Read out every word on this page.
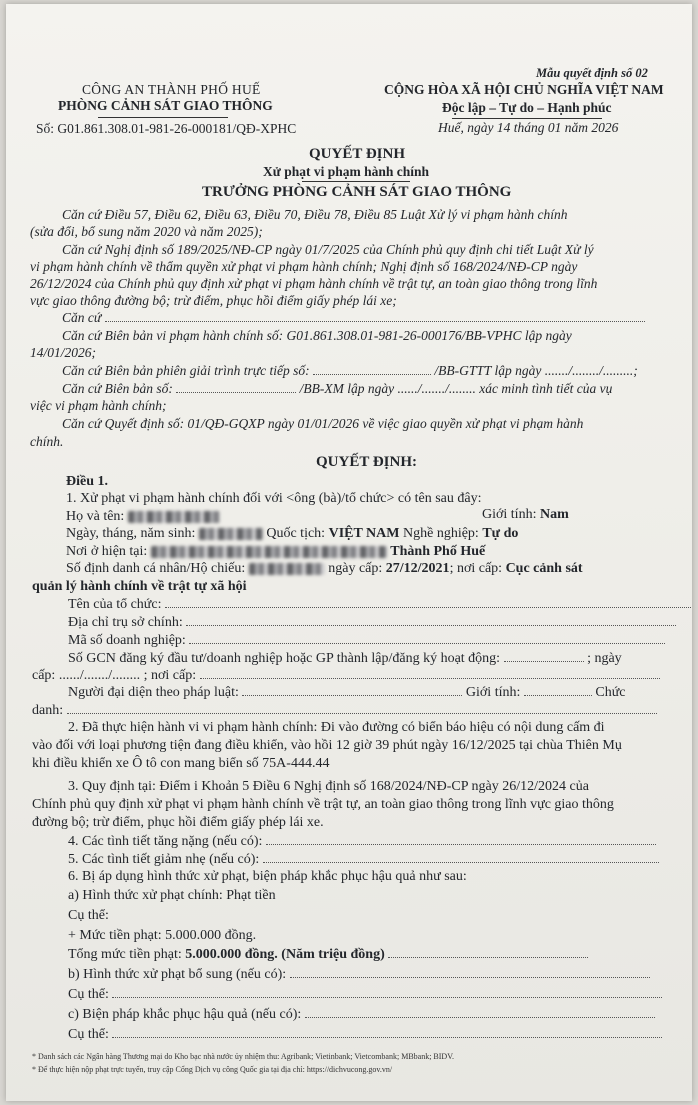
Mẫu quyết định số 02
CÔNG AN THÀNH PHỐ HUẾ
PHÒNG CẢNH SÁT GIAO THÔNG
Số: G01.861.308.01-981-26-000181/QĐ-XPHC
CỘNG HÒA XÃ HỘI CHỦ NGHĨA VIỆT NAM
Độc lập – Tự do – Hạnh phúc
Huế, ngày 14 tháng 01 năm 2026
QUYẾT ĐỊNH
Xử phạt vi phạm hành chính
TRƯỞNG PHÒNG CẢNH SÁT GIAO THÔNG
Căn cứ Điều 57, Điều 62, Điều 63, Điều 70, Điều 78, Điều 85 Luật Xử lý vi phạm hành chính
(sửa đổi, bổ sung năm 2020 và năm 2025);
Căn cứ Nghị định số 189/2025/NĐ-CP ngày 01/7/2025 của Chính phủ quy định chi tiết Luật Xử lý
vi phạm hành chính về thẩm quyền xử phạt vi phạm hành chính; Nghị định số 168/2024/NĐ-CP ngày
26/12/2024 của Chính phủ quy định xử phạt vi phạm hành chính về trật tự, an toàn giao thông trong lĩnh
vực giao thông đường bộ; trừ điểm, phục hồi điểm giấy phép lái xe;
Căn cứ
Căn cứ Biên bản vi phạm hành chính số: G01.861.308.01-981-26-000176/BB-VPHC lập ngày
14/01/2026;
Căn cứ Biên bản phiên giải trình trực tiếp số:	/BB-GTTT lập ngày ......./......../.........;
Căn cứ Biên bản số:	/BB-XM lập ngày ....../......./........ xác minh tình tiết của vụ
việc vi phạm hành chính;
Căn cứ Quyết định số: 01/QĐ-GQXP ngày 01/01/2026 về việc giao quyền xử phạt vi phạm hành
chính.
QUYẾT ĐỊNH:
Điều 1.
1. Xử phạt vi phạm hành chính đối với <ông (bà)/tổ chức> có tên sau đây:
Họ và tên:	Giới tính: Nam
Ngày, tháng, năm sinh:	Quốc tịch: VIỆT NAM Nghề nghiệp: Tự do
Nơi ở hiện tại:	Thành Phố Huế
Số định danh cá nhân/Hộ chiếu:	ngày cấp: 27/12/2021; nơi cấp: Cục cảnh sát
quản lý hành chính về trật tự xã hội
Tên của tổ chức:
Địa chỉ trụ sở chính:
Mã số doanh nghiệp:
Số GCN đăng ký đầu tư/doanh nghiệp hoặc GP thành lập/đăng ký hoạt động:	; ngày
cấp: ....../......./........ ; nơi cấp:
Người đại diện theo pháp luật:	Giới tính:	Chức
danh:
2. Đã thực hiện hành vi vi phạm hành chính: Đi vào đường có biển báo hiệu có nội dung cấm đi
vào đối với loại phương tiện đang điều khiển, vào hồi 12 giờ 39 phút ngày 16/12/2025 tại chùa Thiên Mụ
khi điều khiển xe Ô tô con mang biển số 75A-444.44
3. Quy định tại: Điểm i Khoản 5 Điều 6 Nghị định số 168/2024/NĐ-CP ngày 26/12/2024 của
Chính phủ quy định xử phạt vi phạm hành chính về trật tự, an toàn giao thông trong lĩnh vực giao thông
đường bộ; trừ điểm, phục hồi điểm giấy phép lái xe.
4. Các tình tiết tăng nặng (nếu có):
5. Các tình tiết giảm nhẹ (nếu có):
6. Bị áp dụng hình thức xử phạt, biện pháp khắc phục hậu quả như sau:
a) Hình thức xử phạt chính: Phạt tiền
Cụ thể:
+ Mức tiền phạt: 5.000.000 đồng.
Tổng mức tiền phạt: 5.000.000 đồng. (Năm triệu đồng)
b) Hình thức xử phạt bổ sung (nếu có):
Cụ thể:
c) Biện pháp khắc phục hậu quả (nếu có):
Cụ thể:
* Danh sách các Ngân hàng Thương mại do Kho bạc nhà nước ủy nhiệm thu: Agribank; Vietinbank; Vietcombank; MBbank; BIDV.
* Để thực hiện nộp phạt trực tuyến, truy cập Cổng Dịch vụ công Quốc gia tại địa chỉ: https://dichvucong.gov.vn/
